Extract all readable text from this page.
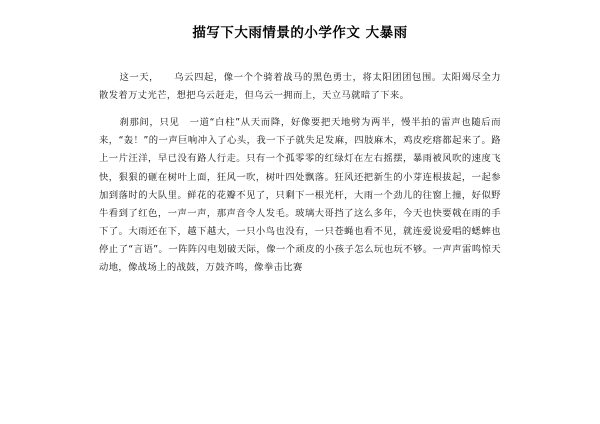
描写下大雨情景的小学作文 大暴雨

这一天，　　乌云四起，像一个个骑着战马的黑色勇士，将太阳团团包围。太阳竭尽全力散发着万丈光芒，想把乌云赶走，但乌云一拥而上，天立马就暗了下来。

刹那间，只见　一道“白柱”从天而降，好像要把天地劈为两半，慢半拍的雷声也随后而来，“轰！”的一声巨响冲入了心头，我一下子就失足发麻，四肢麻木，鸡皮疙瘩都起来了。路上一片汪洋，早已没有路人行走。只有一个孤零零的红绿灯在左右摇摆，暴雨被风吹的速度飞快，狠狠的砸在树叶上面，狂风一吹，树叶四处飘落。狂风还把新生的小芽连根拔起，一起参加到落时的大队里。鲜花的花瓣不见了，只剩下一根光杆，大雨一个劲儿的往窗上撞，好似野牛看到了红色，一声一声，那声音令人发毛。玻璃大哥挡了这么多年，今天也快要戟在雨的手下了。大雨还在下，越下越大，一只小鸟也没有，一只苍蝇也看不见，就连爱说爱唱的蟋蟀也停止了“言语”。一阵阵闪电划破天际，像一个顽皮的小孩子怎么玩也玩不够。一声声雷鸣惊天动地，像战场上的战鼓，万鼓齐鸣，像拳击比赛
